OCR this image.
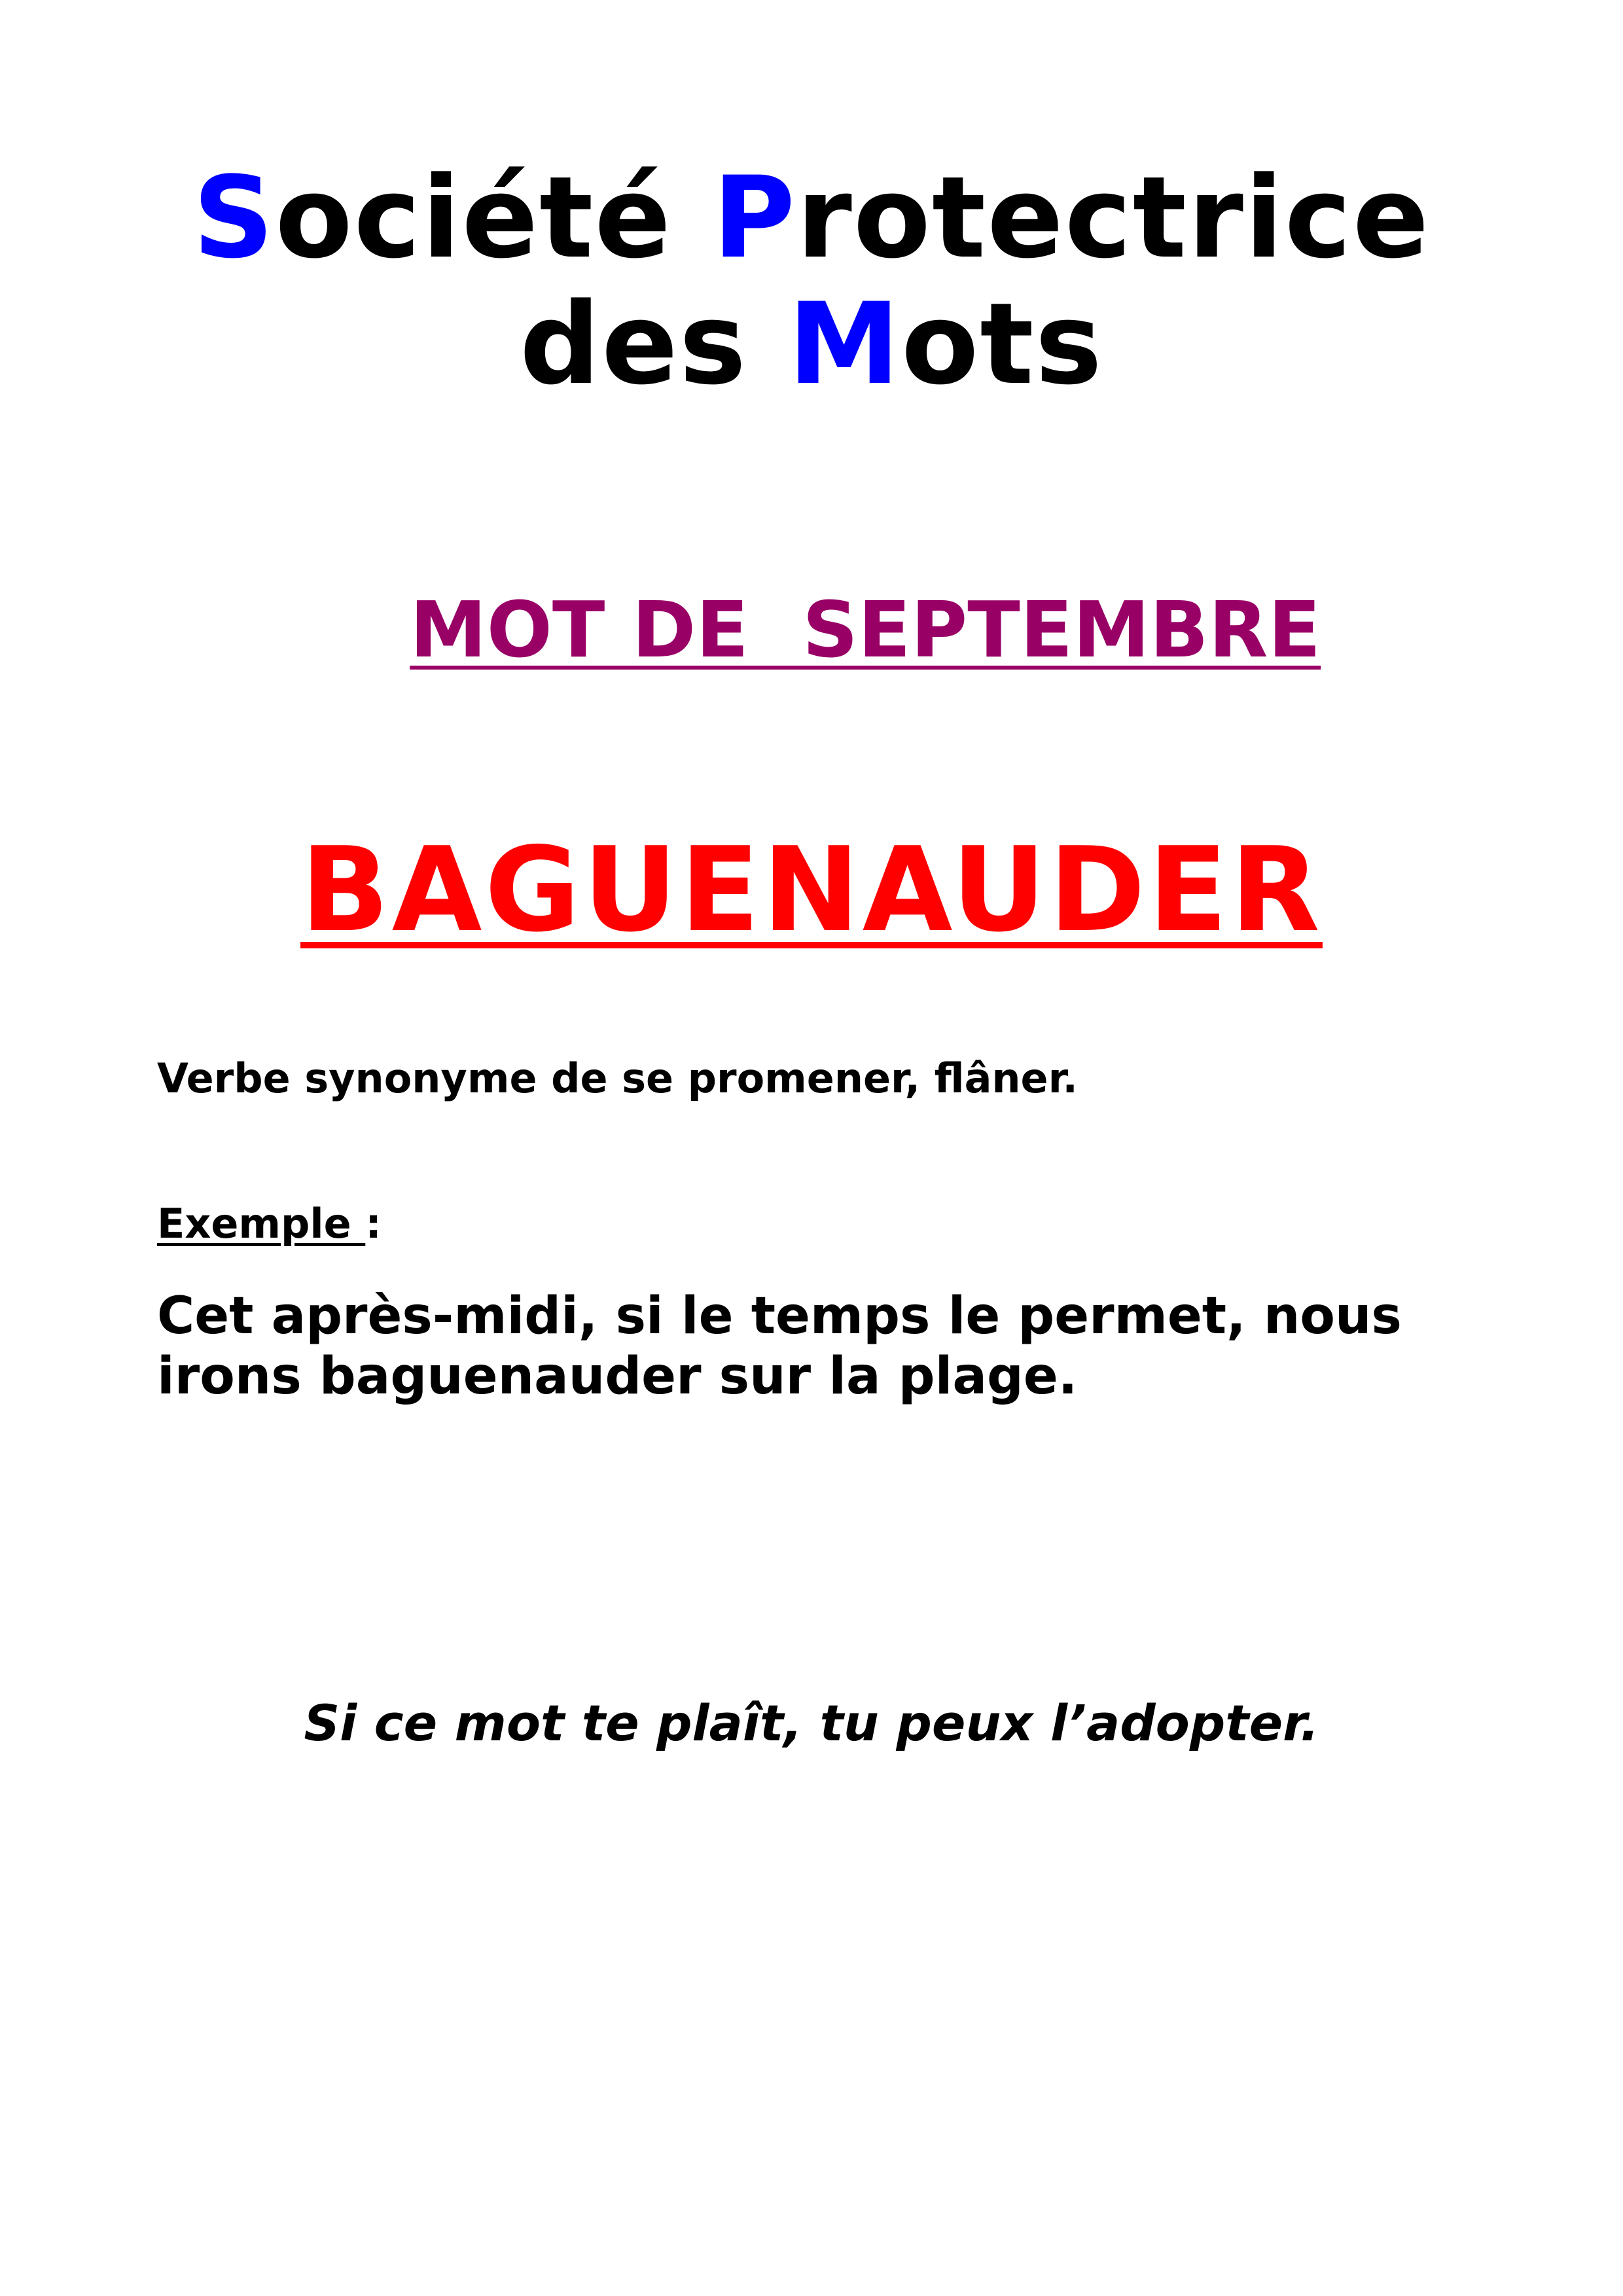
Société Protectrice
des Mots

MOT DE  SEPTEMBRE

BAGUENAUDER
Verbe synonyme de se promener, flâner.
Exemple :
Cet après-midi, si le temps le permet, nous irons baguenauder sur la plage.
Si ce mot te plaît, tu peux l’adopter.
